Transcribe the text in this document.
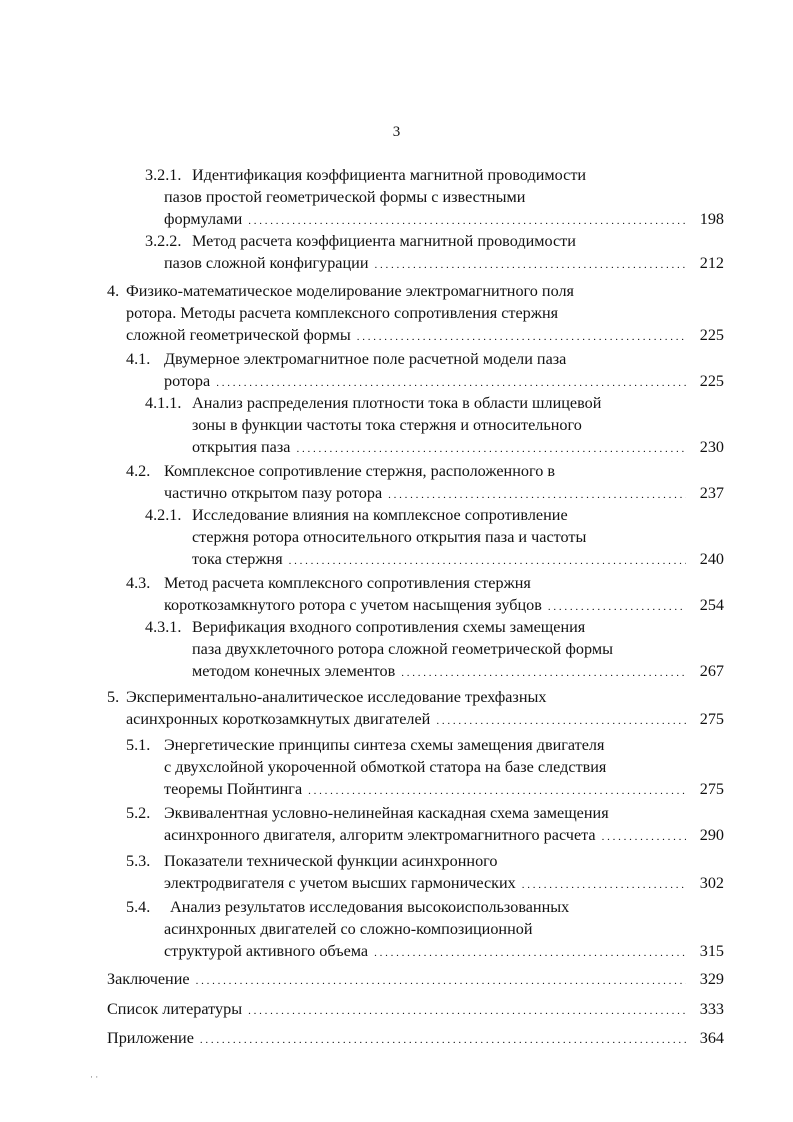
3
3.2.1. Идентификация коэффициента магнитной проводимости
пазов простой геометрической формы с известными
формулами . . .	198
3.2.2. Метод расчета коэффициента магнитной проводимости
пазов сложной конфигурации . . .	212
4. Физико-математическое моделирование электромагнитного поля
ротора. Методы расчета комплексного сопротивления стержня
сложной геометрической формы . . .	225
4.1. Двумерное электромагнитное поле расчетной модели паза
ротора . . .	225
4.1.1. Анализ распределения плотности тока в области шлицевой
зоны в функции частоты тока стержня и относительного
открытия паза . . .	230
4.2. Комплексное сопротивление стержня, расположенного в
частично открытом пазу ротора . . .	237
4.2.1. Исследование влияния на комплексное сопротивление
стержня ротора относительного открытия паза и частоты
тока стержня . . .	240
4.3. Метод расчета комплексного сопротивления стержня
короткозамкнутого ротора с учетом насыщения зубцов . . .	254
4.3.1. Верификация входного сопротивления схемы замещения
паза двухклеточного ротора сложной геометрической формы
методом конечных элементов . . .	267
5. Экспериментально-аналитическое исследование трехфазных
асинхронных короткозамкнутых двигателей . . .	275
5.1. Энергетические принципы синтеза схемы замещения двигателя
с двухслойной укороченной обмоткой статора на базе следствия
теоремы Пойнтинга . . .	275
5.2. Эквивалентная условно-нелинейная каскадная схема замещения
асинхронного двигателя, алгоритм электромагнитного расчета . . .	290
5.3. Показатели технической функции асинхронного
электродвигателя с учетом высших гармонических . . .	302
5.4. Анализ результатов исследования высокоиспользованных
асинхронных двигателей со сложно-композиционной
структурой активного объема . . .	315
Заключение . . .	329
Список литературы . . .	333
Приложение . . .	364
· ·
